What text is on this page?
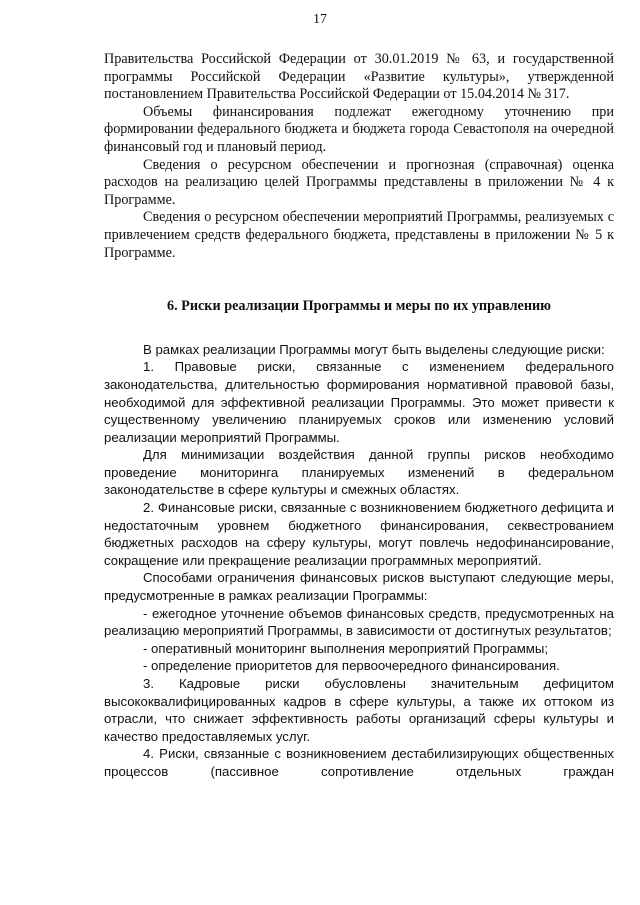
17

Правительства Российской Федерации от 30.01.2019 № 63, и государственной программы Российской Федерации «Развитие культуры», утвержденной постановлением Правительства Российской Федерации от 15.04.2014 № 317.

Объемы финансирования подлежат ежегодному уточнению при формировании федерального бюджета и бюджета города Севастополя на очередной финансовый год и плановый период.

Сведения о ресурсном обеспечении и прогнозная (справочная) оценка расходов на реализацию целей Программы представлены в приложении № 4 к Программе.

Сведения о ресурсном обеспечении мероприятий Программы, реализуемых с привлечением средств федерального бюджета, представлены в приложении № 5 к Программе.

6. Риски реализации Программы и меры по их управлению

В рамках реализации Программы могут быть выделены следующие риски:

1. Правовые риски, связанные с изменением федерального законодательства, длительностью формирования нормативной правовой базы, необходимой для эффективной реализации Программы. Это может привести к существенному увеличению планируемых сроков или изменению условий реализации мероприятий Программы.

Для минимизации воздействия данной группы рисков необходимо проведение мониторинга планируемых изменений в федеральном законодательстве в сфере культуры и смежных областях.

2. Финансовые риски, связанные с возникновением бюджетного дефицита и недостаточным уровнем бюджетного финансирования, секвестрованием бюджетных расходов на сферу культуры, могут повлечь недофинансирование, сокращение или прекращение реализации программных мероприятий.

Способами ограничения финансовых рисков выступают следующие меры, предусмотренные в рамках реализации Программы:

- ежегодное уточнение объемов финансовых средств, предусмотренных на реализацию мероприятий Программы, в зависимости от достигнутых результатов;

- оперативный мониторинг выполнения мероприятий Программы;

- определение приоритетов для первоочередного финансирования.

3. Кадровые риски обусловлены значительным дефицитом высококвалифицированных кадров в сфере культуры, а также их оттоком из отрасли, что снижает эффективность работы организаций сферы культуры и качество предоставляемых услуг.

4. Риски, связанные с возникновением дестабилизирующих общественных процессов (пассивное сопротивление отдельных граждан
